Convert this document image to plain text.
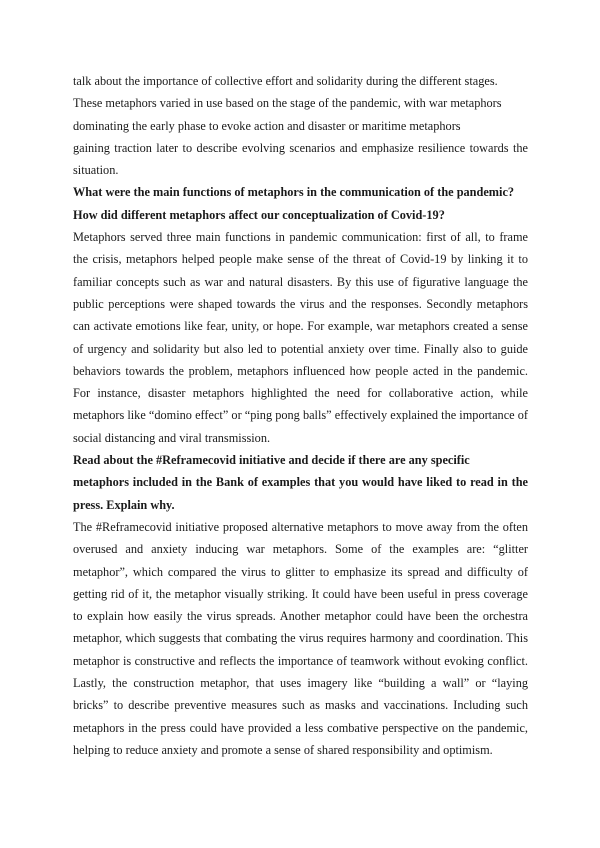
talk about the importance of collective effort and solidarity during the different stages. These metaphors varied in use based on the stage of the pandemic, with war metaphors dominating the early phase to evoke action and disaster or maritime metaphors

gaining traction later to describe evolving scenarios and emphasize resilience towards the situation.

What were the main functions of metaphors in the communication of the pandemic?

How did different metaphors affect our conceptualization of Covid-19?

Metaphors served three main functions in pandemic communication: first of all, to frame the crisis, metaphors helped people make sense of the threat of Covid-19 by linking it to familiar concepts such as war and natural disasters. By this use of figurative language the public perceptions were shaped towards the virus and the responses. Secondly metaphors can activate emotions like fear, unity, or hope. For example, war metaphors created a sense of urgency and solidarity but also led to potential anxiety over time. Finally also to guide behaviors towards the problem, metaphors influenced how people acted in the pandemic. For instance, disaster metaphors highlighted the need for collaborative action, while metaphors like “domino effect” or “ping pong balls” effectively explained the importance of social distancing and viral transmission.

Read about the #Reframecovid initiative and decide if there are any specific

metaphors included in the Bank of examples that you would have liked to read in the press. Explain why.

The #Reframecovid initiative proposed alternative metaphors to move away from the often overused and anxiety inducing war metaphors. Some of the examples are: “glitter metaphor”, which compared the virus to glitter to emphasize its spread and difficulty of getting rid of it, the metaphor visually striking. It could have been useful in press coverage to explain how easily the virus spreads. Another metaphor could have been the orchestra metaphor, which suggests that combating the virus requires harmony and coordination. This metaphor is constructive and reflects the importance of teamwork without evoking conflict. Lastly, the construction metaphor, that uses imagery like “building a wall” or “laying bricks” to describe preventive measures such as masks and vaccinations. Including such metaphors in the press could have provided a less combative perspective on the pandemic, helping to reduce anxiety and promote a sense of shared responsibility and optimism.
